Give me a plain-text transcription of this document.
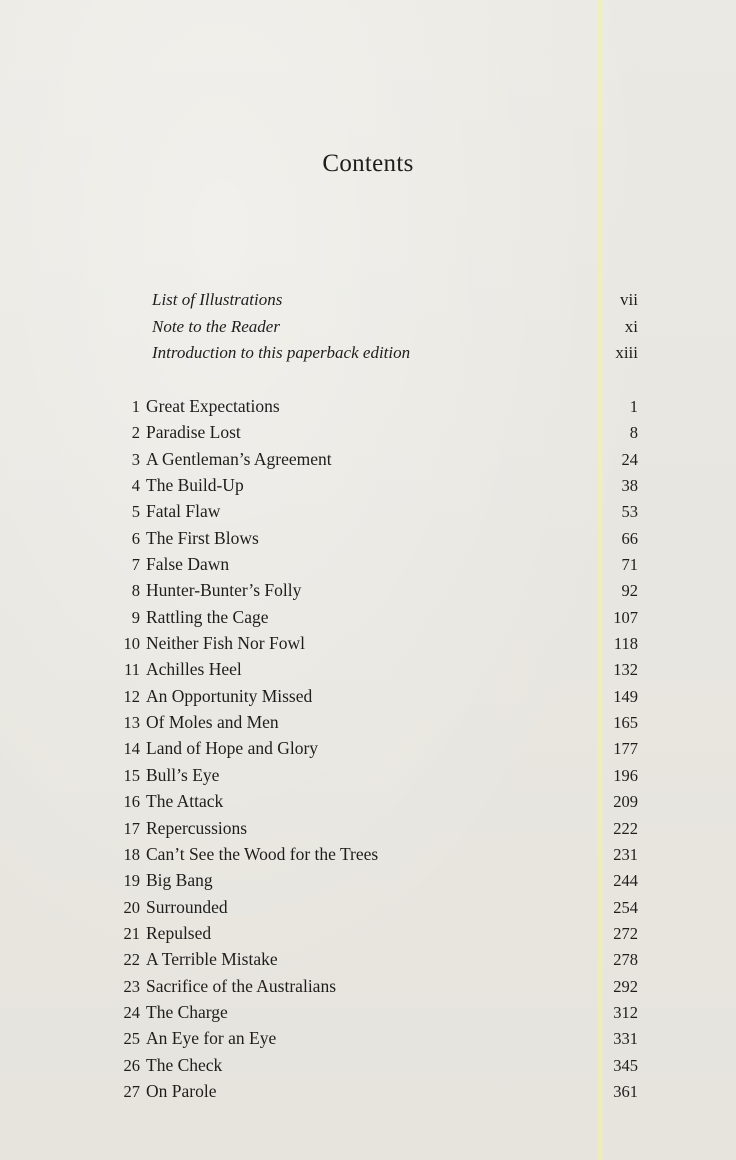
Contents
List of Illustrations	vii
Note to the Reader	xi
Introduction to this paperback edition	xiii
1 Great Expectations	1
2 Paradise Lost	8
3 A Gentleman’s Agreement	24
4 The Build-Up	38
5 Fatal Flaw	53
6 The First Blows	66
7 False Dawn	71
8 Hunter-Bunter’s Folly	92
9 Rattling the Cage	107
10 Neither Fish Nor Fowl	118
11 Achilles Heel	132
12 An Opportunity Missed	149
13 Of Moles and Men	165
14 Land of Hope and Glory	177
15 Bull’s Eye	196
16 The Attack	209
17 Repercussions	222
18 Can’t See the Wood for the Trees	231
19 Big Bang	244
20 Surrounded	254
21 Repulsed	272
22 A Terrible Mistake	278
23 Sacrifice of the Australians	292
24 The Charge	312
25 An Eye for an Eye	331
26 The Check	345
27 On Parole	361
